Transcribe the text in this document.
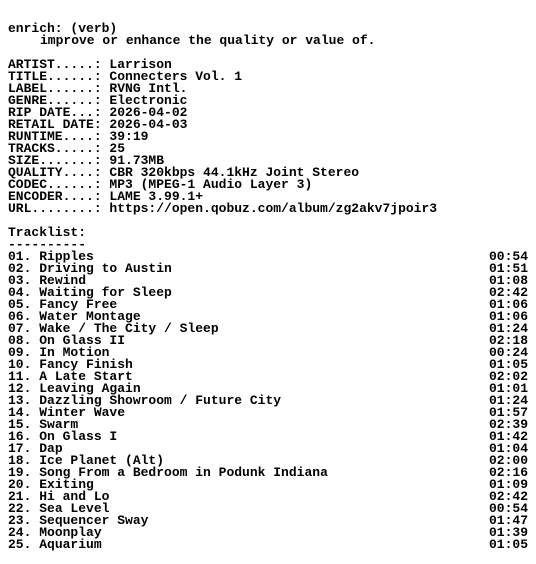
enrich: (verb)
improve or enhance the quality or value of.
ARTIST.....: Larrison
TITLE......: Connecters Vol. 1
LABEL......: RVNG Intl.
GENRE......: Electronic
RIP DATE...: 2026-04-02
RETAIL DATE: 2026-04-03
RUNTIME....: 39:19
TRACKS.....: 25
SIZE.......: 91.73MB
QUALITY....: CBR 320kbps 44.1kHz Joint Stereo
CODEC......: MP3 (MPEG-1 Audio Layer 3)
ENCODER....: LAME 3.99.1+
URL........: https://open.qobuz.com/album/zg2akv7jpoir3
Tracklist:
----------
01. Ripples	00:54
02. Driving to Austin	01:51
03. Rewind	01:08
04. Waiting for Sleep	02:42
05. Fancy Free	01:06
06. Water Montage	01:06
07. Wake / The City / Sleep	01:24
08. On Glass II	02:18
09. In Motion	00:24
10. Fancy Finish	01:05
11. A Late Start	02:02
12. Leaving Again	01:01
13. Dazzling Showroom / Future City	01:24
14. Winter Wave	01:57
15. Swarm	02:39
16. On Glass I	01:42
17. Dap	01:04
18. Ice Planet (Alt)	02:00
19. Song From a Bedroom in Podunk Indiana	02:16
20. Exiting	01:09
21. Hi and Lo	02:42
22. Sea Level	00:54
23. Sequencer Sway	01:47
24. Moonplay	01:39
25. Aquarium	01:05
